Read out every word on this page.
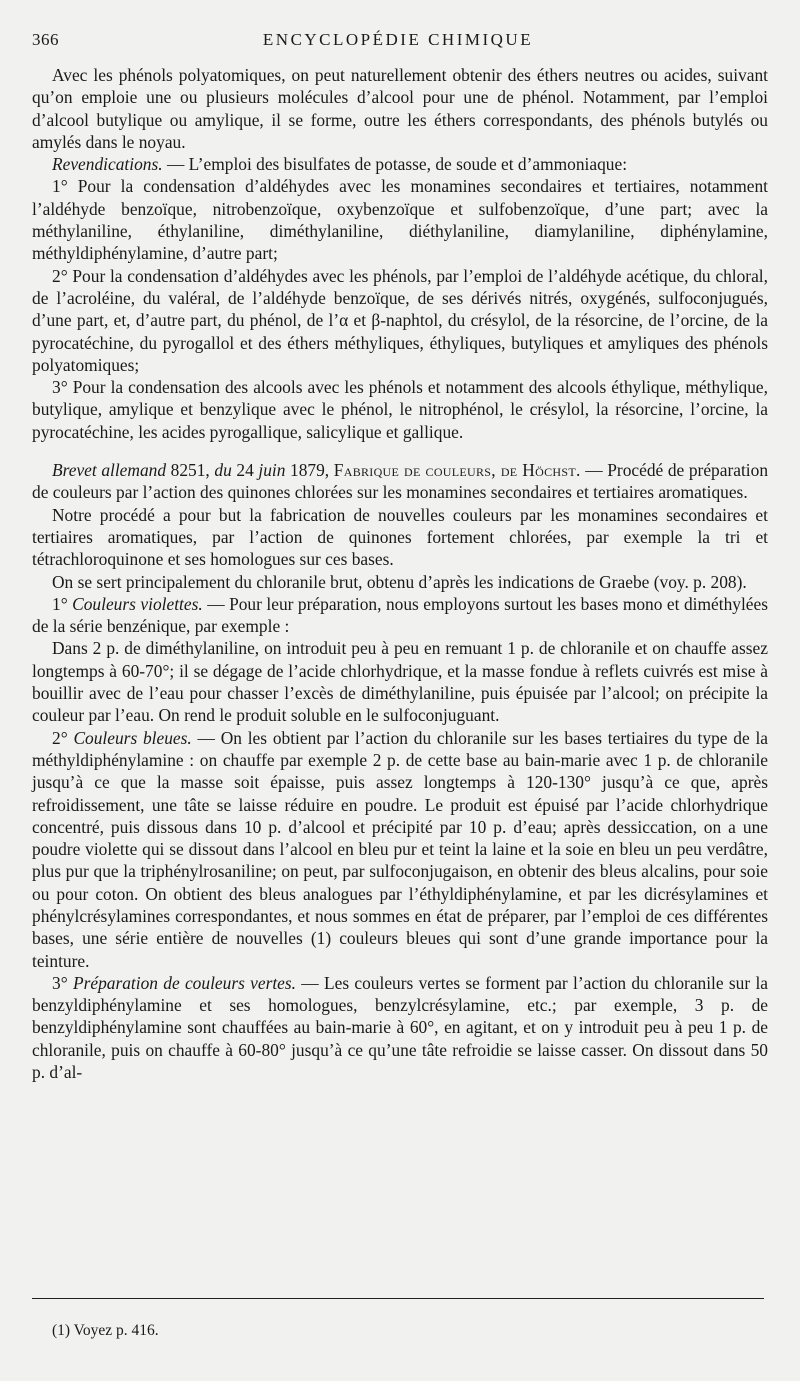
366	ENCYCLOPÉDIE CHIMIQUE

Avec les phénols polyatomiques, on peut naturellement obtenir des éthers neutres ou acides, suivant qu’on emploie une ou plusieurs molécules d’alcool pour une de phénol. Notamment, par l’emploi d’alcool butylique ou amylique, il se forme, outre les éthers correspondants, des phénols butylés ou amylés dans le noyau.

Revendications. — L’emploi des bisulfates de potasse, de soude et d’ammoniaque:

1° Pour la condensation d’aldéhydes avec les monamines secondaires et tertiaires, notamment l’aldéhyde benzoïque, nitrobenzoïque, oxybenzoïque et sulfobenzoïque, d’une part; avec la méthylaniline, éthylaniline, diméthylaniline, diéthylaniline, diamylaniline, diphénylamine, méthyldiphénylamine, d’autre part;

2° Pour la condensation d’aldéhydes avec les phénols, par l’emploi de l’aldéhyde acétique, du chloral, de l’acroléine, du valéral, de l’aldéhyde benzoïque, de ses dérivés nitrés, oxygénés, sulfoconjugués, d’une part, et, d’autre part, du phénol, de l’α et β-naphtol, du crésylol, de la résorcine, de l’orcine, de la pyrocatéchine, du pyrogallol et des éthers méthyliques, éthyliques, butyliques et amyliques des phénols polyatomiques;

3° Pour la condensation des alcools avec les phénols et notamment des alcools éthylique, méthylique, butylique, amylique et benzylique avec le phénol, le nitrophénol, le crésylol, la résorcine, l’orcine, la pyrocatéchine, les acides pyrogallique, salicylique et gallique.

Brevet allemand 8251, du 24 juin 1879, Fabrique de couleurs, de Höchst. — Procédé de préparation de couleurs par l’action des quinones chlorées sur les monamines secondaires et tertiaires aromatiques.

Notre procédé a pour but la fabrication de nouvelles couleurs par les monamines secondaires et tertiaires aromatiques, par l’action de quinones fortement chlorées, par exemple la tri et tétrachloroquinone et ses homologues sur ces bases.

On se sert principalement du chloranile brut, obtenu d’après les indications de Graebe (voy. p. 208).

1° Couleurs violettes. — Pour leur préparation, nous employons surtout les bases mono et diméthylées de la série benzénique, par exemple :

Dans 2 p. de diméthylaniline, on introduit peu à peu en remuant 1 p. de chloranile et on chauffe assez longtemps à 60-70°; il se dégage de l’acide chlorhydrique, et la masse fondue à reflets cuivrés est mise à bouillir avec de l’eau pour chasser l’excès de diméthylaniline, puis épuisée par l’alcool; on précipite la couleur par l’eau. On rend le produit soluble en le sulfoconjuguant.

2° Couleurs bleues. — On les obtient par l’action du chloranile sur les bases tertiaires du type de la méthyldiphénylamine : on chauffe par exemple 2 p. de cette base au bain-marie avec 1 p. de chloranile jusqu’à ce que la masse soit épaisse, puis assez longtemps à 120-130° jusqu’à ce que, après refroidissement, une tâte se laisse réduire en poudre. Le produit est épuisé par l’acide chlorhydrique concentré, puis dissous dans 10 p. d’alcool et précipité par 10 p. d’eau; après dessiccation, on a une poudre violette qui se dissout dans l’alcool en bleu pur et teint la laine et la soie en bleu un peu verdâtre, plus pur que la triphénylrosaniline; on peut, par sulfoconjugaison, en obtenir des bleus alcalins, pour soie ou pour coton. On obtient des bleus analogues par l’éthyldiphénylamine, et par les dicrésylamines et phénylcrésylamines correspondantes, et nous sommes en état de préparer, par l’emploi de ces différentes bases, une série entière de nouvelles (1) couleurs bleues qui sont d’une grande importance pour la teinture.

3° Préparation de couleurs vertes. — Les couleurs vertes se forment par l’action du chloranile sur la benzyldiphénylamine et ses homologues, benzylcrésylamine, etc.; par exemple, 3 p. de benzyldiphénylamine sont chauffées au bain-marie à 60°, en agitant, et on y introduit peu à peu 1 p. de chloranile, puis on chauffe à 60-80° jusqu’à ce qu’une tâte refroidie se laisse casser. On dissout dans 50 p. d’al-

(1) Voyez p. 416.
